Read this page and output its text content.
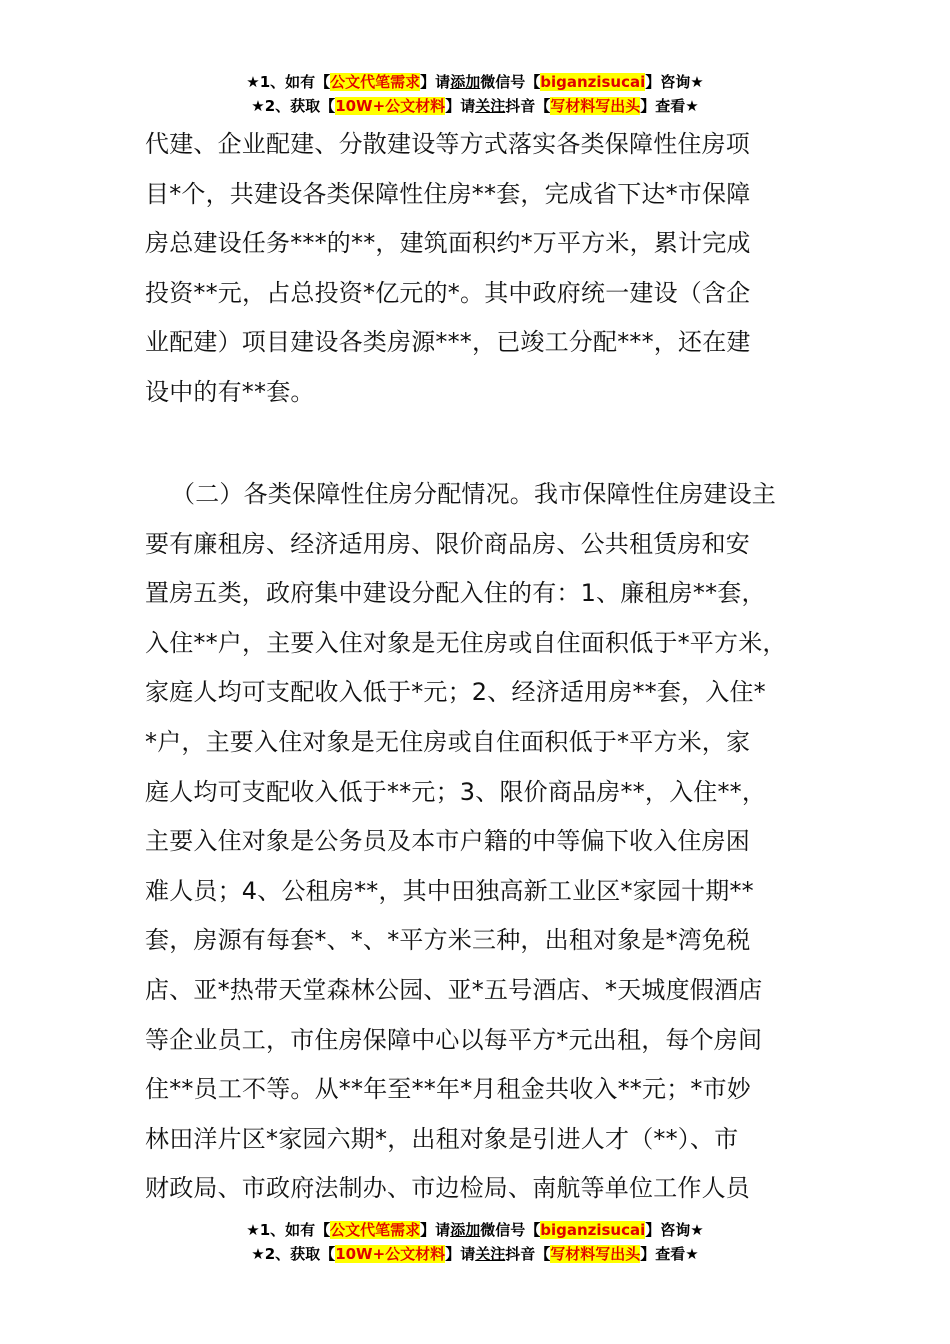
★1、如有【公文代笔需求】请添加微信号【biganzisucai】咨询★
★2、获取【10W+公文材料】请关注抖音【写材料写出头】查看★
代建、企业配建、分散建设等方式落实各类保障性住房项
目*个，共建设各类保障性住房**套，完成省下达*市保障
房总建设任务***的**，建筑面积约*万平方米，累计完成
投资**元，占总投资*亿元的*。其中政府统一建设（含企
业配建）项目建设各类房源***，已竣工分配***，还在建
设中的有**套。
（二）各类保障性住房分配情况。我市保障性住房建设主
要有廉租房、经济适用房、限价商品房、公共租赁房和安
置房五类，政府集中建设分配入住的有：1、廉租房**套，
入住**户，主要入住对象是无住房或自住面积低于*平方米，
家庭人均可支配收入低于*元；2、经济适用房**套，入住*
*户，主要入住对象是无住房或自住面积低于*平方米，家
庭人均可支配收入低于**元；3、限价商品房**，入住**，
主要入住对象是公务员及本市户籍的中等偏下收入住房困
难人员；4、公租房**，其中田独高新工业区*家园十期**
套，房源有每套*、*、*平方米三种，出租对象是*湾免税
店、亚*热带天堂森林公园、亚*五号酒店、*天城度假酒店
等企业员工，市住房保障中心以每平方*元出租，每个房间
住**员工不等。从**年至**年*月租金共收入**元；*市妙
林田洋片区*家园六期*，出租对象是引进人才（**）、市
财政局、市政府法制办、市边检局、南航等单位工作人员
★1、如有【公文代笔需求】请添加微信号【biganzisucai】咨询★
★2、获取【10W+公文材料】请关注抖音【写材料写出头】查看★
